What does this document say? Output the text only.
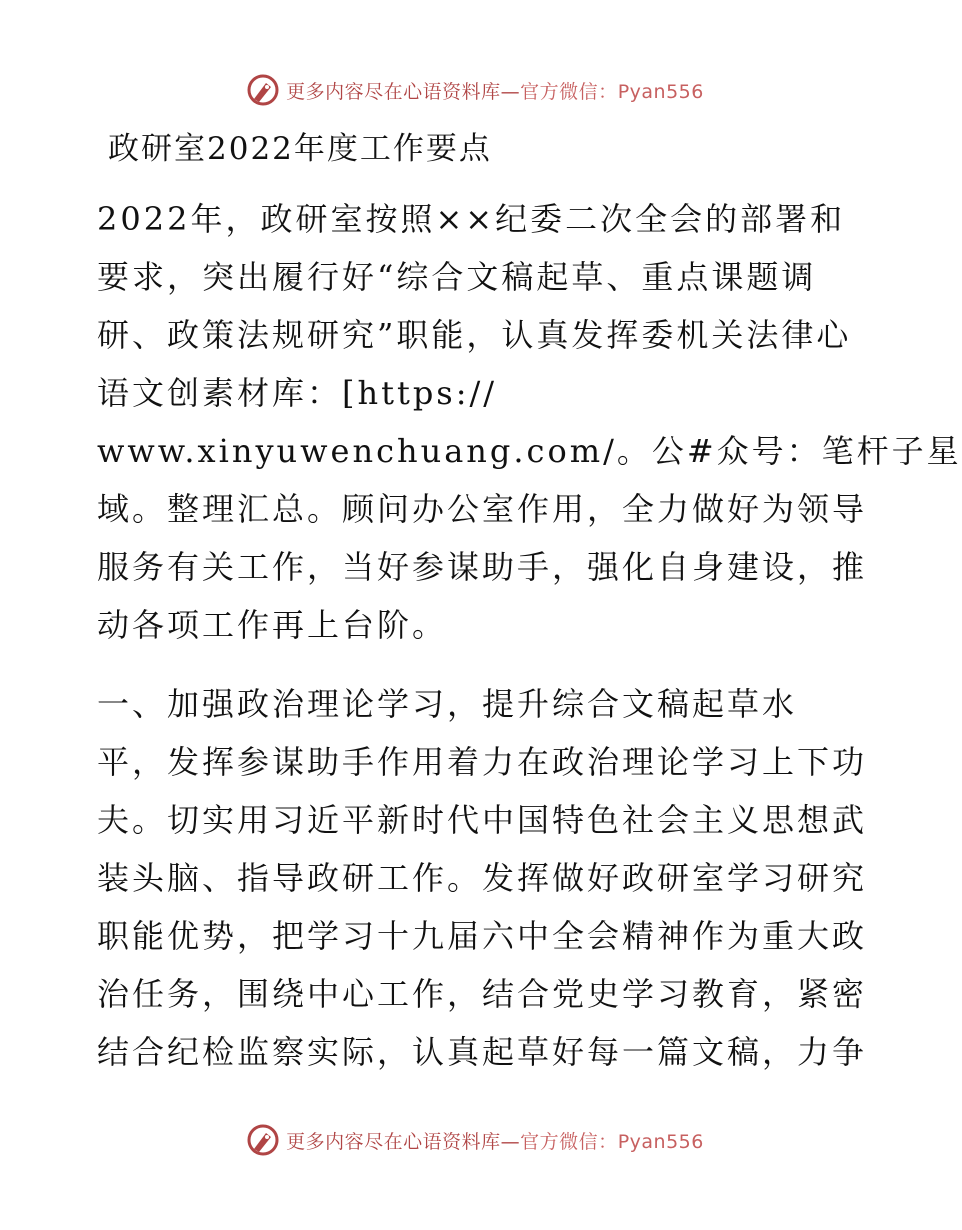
更多内容尽在心语资料库—官方微信：Pyan556
政研室2022年度工作要点
2022年，政研室按照××纪委二次全会的部署和
要求，突出履行好“综合文稿起草、重点课题调
研、政策法规研究”职能，认真发挥委机关法律心
语文创素材库：[https://
www.xinyuwenchuang.com/。公#众号：笔杆子星
域。整理汇总。顾问办公室作用，全力做好为领导
服务有关工作，当好参谋助手，强化自身建设，推
动各项工作再上台阶。
一、加强政治理论学习，提升综合文稿起草水
平，发挥参谋助手作用着力在政治理论学习上下功
夫。切实用习近平新时代中国特色社会主义思想武
装头脑、指导政研工作。发挥做好政研室学习研究
职能优势，把学习十九届六中全会精神作为重大政
治任务，围绕中心工作，结合党史学习教育，紧密
结合纪检监察实际，认真起草好每一篇文稿，力争
更多内容尽在心语资料库—官方微信：Pyan556
